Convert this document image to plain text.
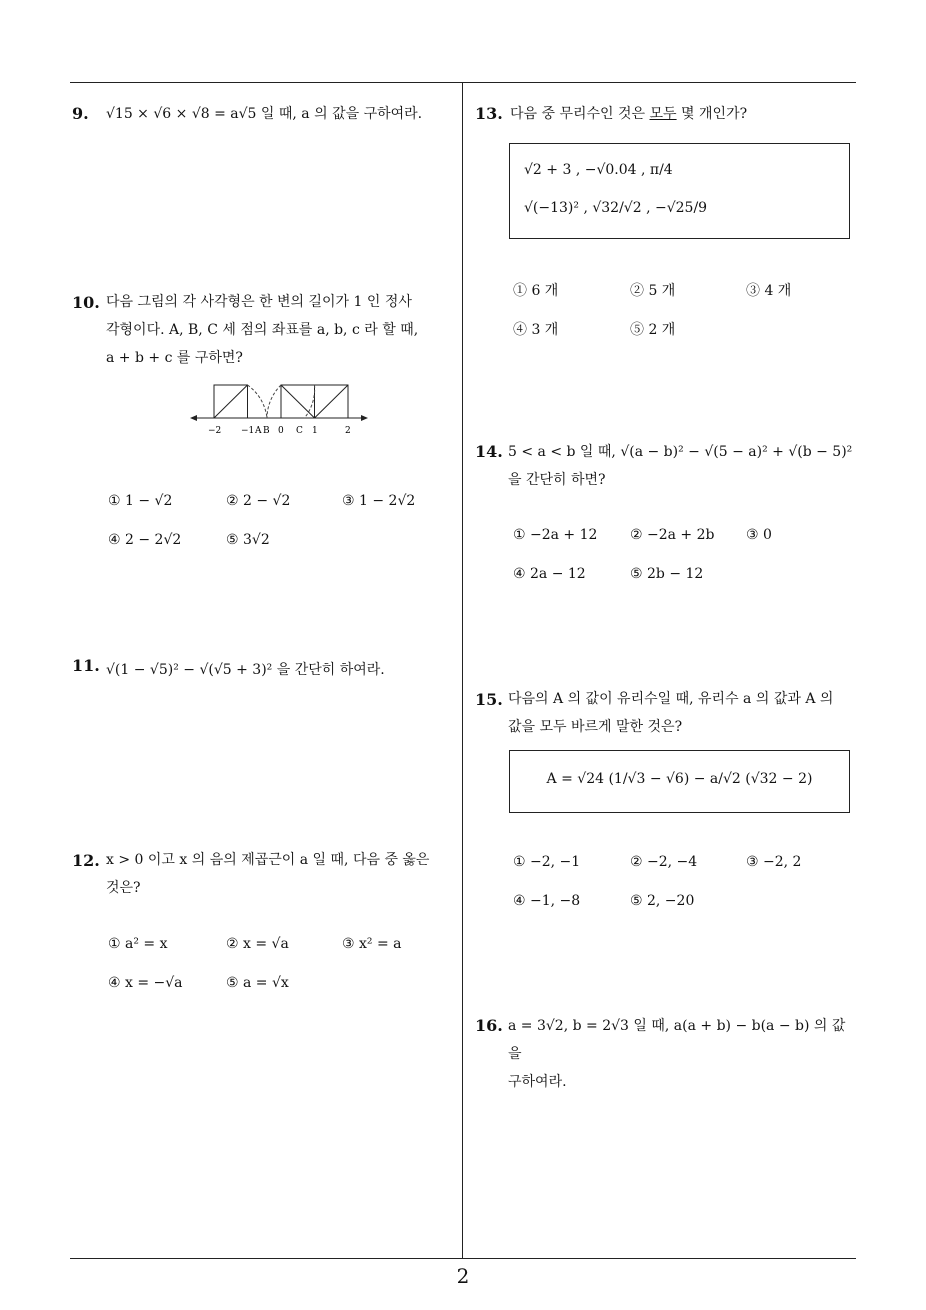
9. √15 × √6 × √8 = a√5 일 때, a 의 값을 구하여라.
10. 다음 그림의 각 사각형은 한 변의 길이가 1 인 정사
각형이다. A, B, C 세 점의 좌표를 a, b, c 라 할 때,
a + b + c 를 구하면?
−2 −1 A B 0 C 1	2
① 1 − √2	② 2 − √2	③ 1 − 2√2
④ 2 − 2√2	⑤ 3√2
11. √(1 − √5)² − √(√5 + 3)² 을 간단히 하여라.
12. x > 0 이고 x 의 음의 제곱근이 a 일 때, 다음 중 옳은
것은?
① a² = x	② x = √a	③ x² = a
④ x = −√a	⑤ a = √x
13. 다음 중 무리수인 것은 모두 몇 개인가?
√2 + 3 , −√0.04 , π/4
√(−13)² , √32/√2 , −√25/9
① 6 개	② 5 개	③ 4 개
④ 3 개	⑤ 2 개
14. 5 < a < b 일 때, √(a − b)² − √(5 − a)² + √(b − 5)²
을 간단히 하면?
① −2a + 12 ② −2a + 2b ③ 0
④ 2a − 12	⑤ 2b − 12
15. 다음의 A 의 값이 유리수일 때, 유리수 a 의 값과 A 의
값을 모두 바르게 말한 것은?
A = √24 (1/√3 − √6) − a/√2 (√32 − 2)
① −2, −1	② −2, −4	③ −2, 2
④ −1, −8	⑤ 2, −20
16. a = 3√2, b = 2√3 일 때, a(a + b) − b(a − b) 의 값을
구하여라.
2
